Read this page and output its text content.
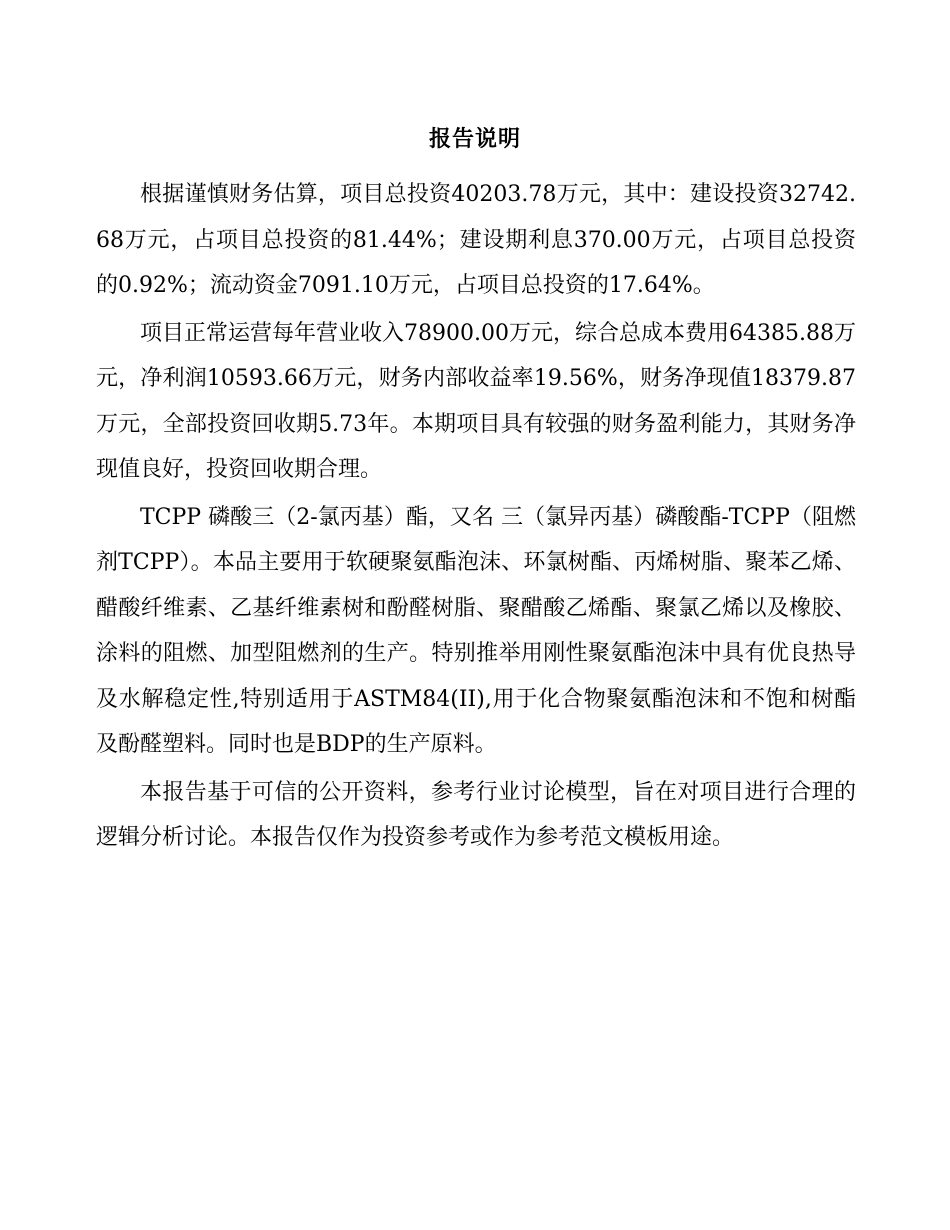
报告说明

根据谨慎财务估算，项目总投资40203.78万元，其中：建设投资32742.68万元，占项目总投资的81.44%；建设期利息370.00万元，占项目总投资的0.92%；流动资金7091.10万元，占项目总投资的17.64%。

项目正常运营每年营业收入78900.00万元，综合总成本费用64385.88万元，净利润10593.66万元，财务内部收益率19.56%，财务净现值18379.87万元，全部投资回收期5.73年。本期项目具有较强的财务盈利能力，其财务净现值良好，投资回收期合理。

TCPP 磷酸三（2-氯丙基）酯，又名 三（氯异丙基）磷酸酯-TCPP（阻燃剂TCPP）。本品主要用于软硬聚氨酯泡沫、环氯树酯、丙烯树脂、聚苯乙烯、醋酸纤维素、乙基纤维素树和酚醛树脂、聚醋酸乙烯酯、聚氯乙烯以及橡胶、涂料的阻燃、加型阻燃剂的生产。特别推举用刚性聚氨酯泡沫中具有优良热导及水解稳定性,特别适用于ASTM84(II),用于化合物聚氨酯泡沫和不饱和树酯及酚醛塑料。同时也是BDP的生产原料。

本报告基于可信的公开资料，参考行业讨论模型，旨在对项目进行合理的逻辑分析讨论。本报告仅作为投资参考或作为参考范文模板用途。
